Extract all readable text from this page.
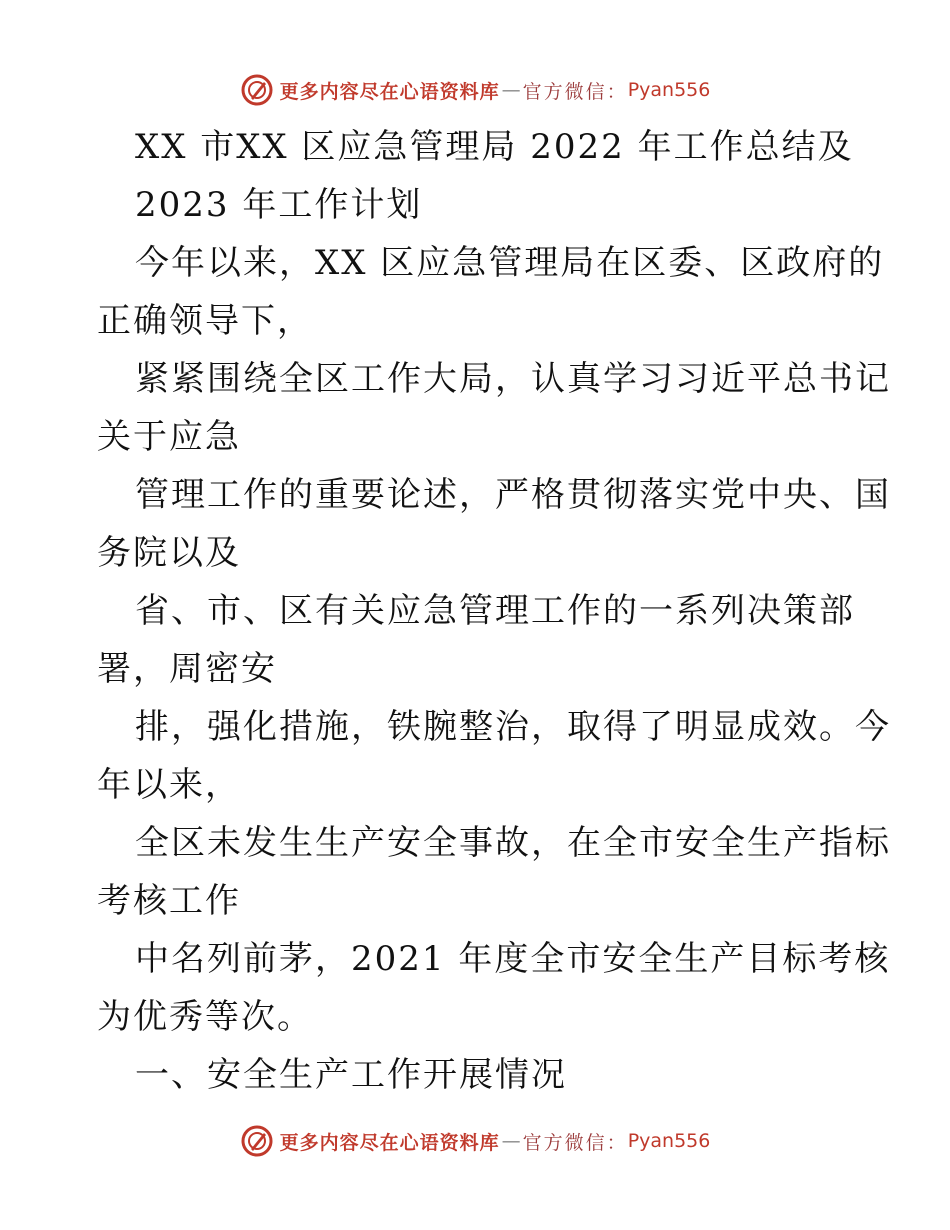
更多内容尽在心语资料库 — 官方微信： Pyan556
XX 市XX 区应急管理局 2022 年工作总结及
2023 年工作计划
今年以来，XX 区应急管理局在区委、区政府的
正确领导下，
紧紧围绕全区工作大局，认真学习习近平总书记
关于应急
管理工作的重要论述，严格贯彻落实党中央、国
务院以及
省、市、区有关应急管理工作的一系列决策部
署，周密安
排，强化措施，铁腕整治，取得了明显成效。今
年以来，
全区未发生生产安全事故，在全市安全生产指标
考核工作
中名列前茅，2021 年度全市安全生产目标考核
为优秀等次。
一、安全生产工作开展情况
更多内容尽在心语资料库 — 官方微信： Pyan556
